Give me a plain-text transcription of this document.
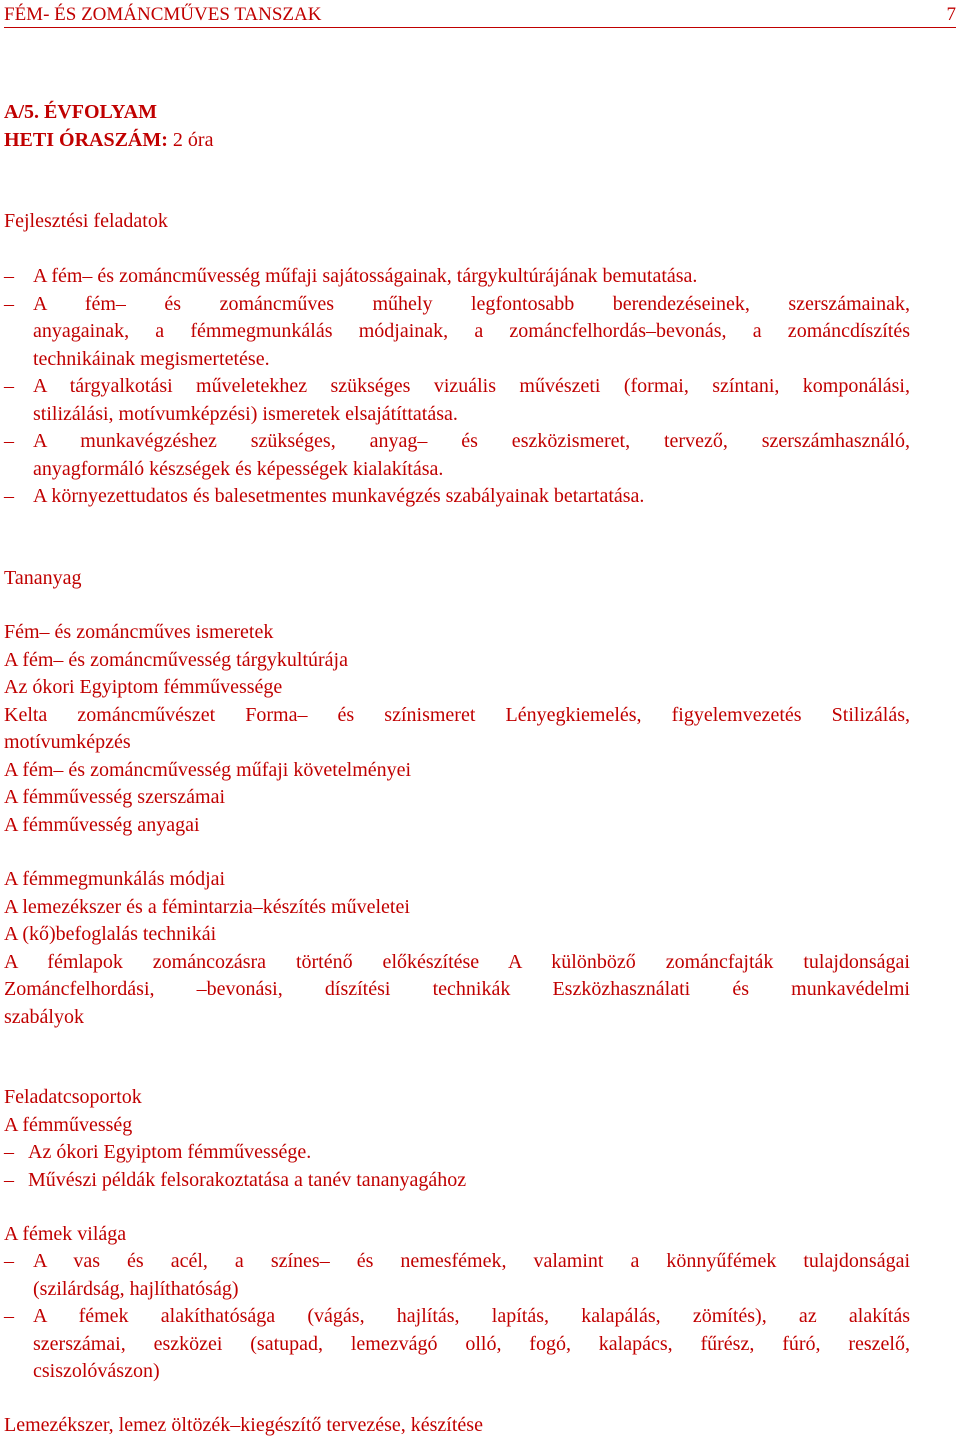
FÉM- ÉS ZOMÁNCMŰVES TANSZAK	7
A/5. ÉVFOLYAM
HETI ÓRASZÁM: 2 óra
Fejlesztési feladatok
– A fém– és zománcművesség műfaji sajátosságainak, tárgykultúrájának bemutatása.
– A fém– és zománcműves műhely legfontosabb berendezéseinek, szerszámainak,
anyagainak, a fémmegmunkálás módjainak, a zománcfelhordás–bevonás, a zománcdíszítés
technikáinak megismertetése.
– A tárgyalkotási műveletekhez szükséges vizuális művészeti (formai, színtani, komponálási,
stilizálási, motívumképzési) ismeretek elsajátíttatása.
– A munkavégzéshez szükséges, anyag– és eszközismeret, tervező, szerszámhasználó,
anyagformáló készségek és képességek kialakítása.
– A környezettudatos és balesetmentes munkavégzés szabályainak betartatása.
Tananyag
Fém– és zománcműves ismeretek
A fém– és zománcművesség tárgykultúrája
Az ókori Egyiptom fémművessége
Kelta zománcművészet Forma– és színismeret Lényegkiemelés, figyelemvezetés Stilizálás,
motívumképzés
A fém– és zománcművesség műfaji követelményei
A fémművesség szerszámai
A fémművesség anyagai
A fémmegmunkálás módjai
A lemezékszer és a fémintarzia–készítés műveletei
A (kő)befoglalás technikái
A fémlapok zománcozásra történő előkészítése A különböző zománcfajták tulajdonságai
Zománcfelhordási, –bevonási, díszítési technikák Eszközhasználati és munkavédelmi
szabályok
Feladatcsoportok
A fémművesség
– Az ókori Egyiptom fémművessége.
– Művészi példák felsorakoztatása a tanév tananyagához
A fémek világa
– A vas és acél, a színes– és nemesfémek, valamint a könnyűfémek tulajdonságai
(szilárdság, hajlíthatóság)
– A fémek alakíthatósága (vágás, hajlítás, lapítás, kalapálás, zömítés), az alakítás
szerszámai, eszközei (satupad, lemezvágó olló, fogó, kalapács, fűrész, fúró, reszelő,
csiszolóvászon)
Lemezékszer, lemez öltözék–kiegészítő tervezése, készítése
